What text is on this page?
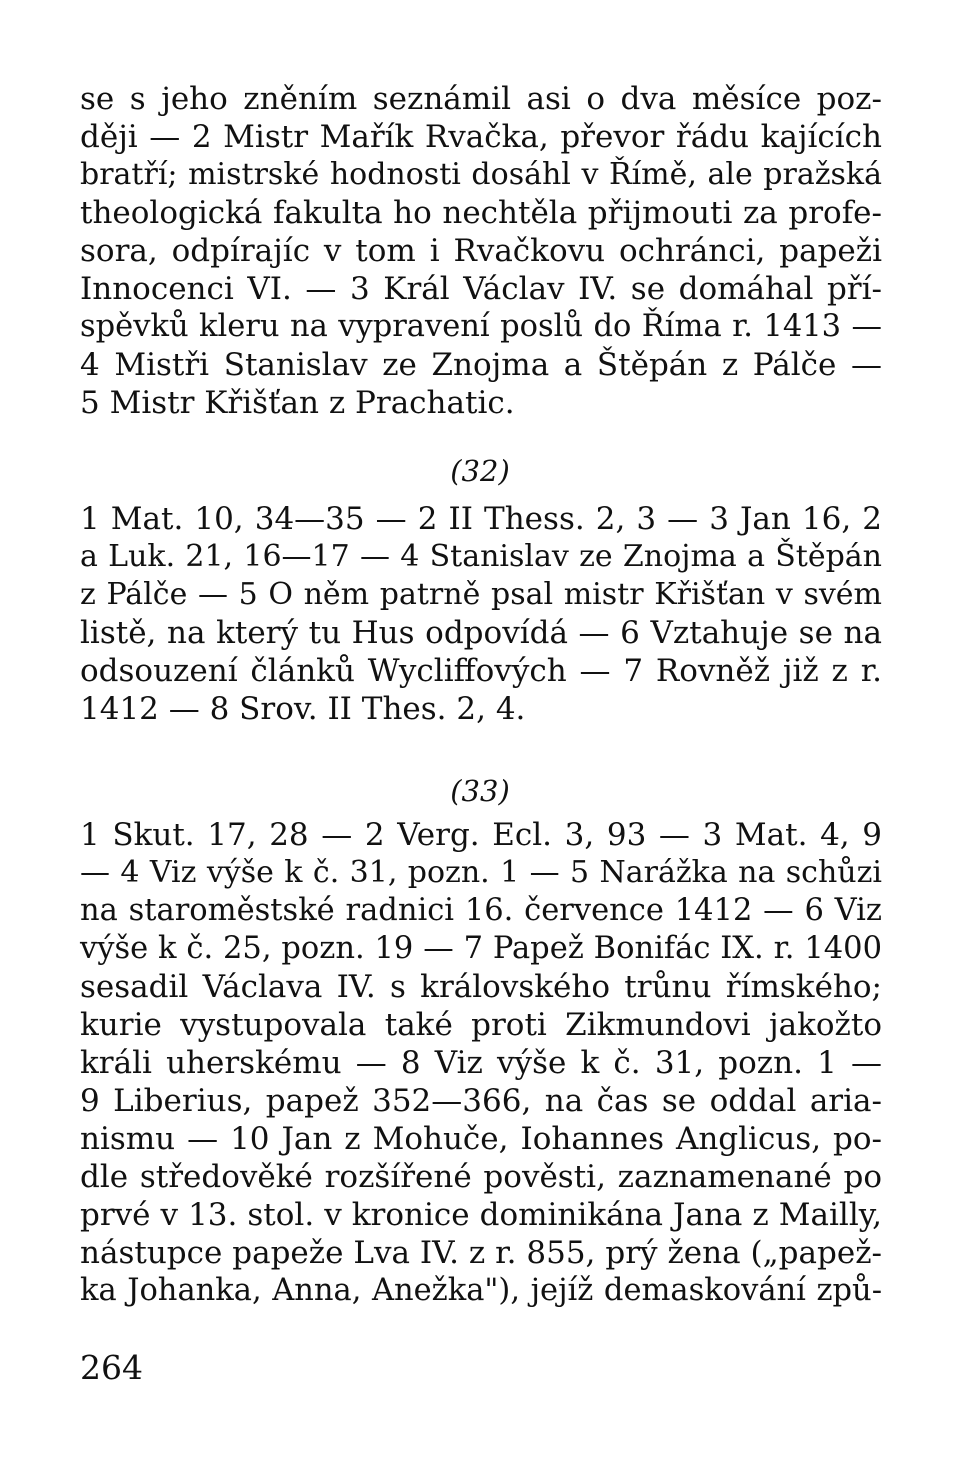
se s jeho zněním seznámil asi o dva měsíce poz-
ději — 2 Mistr Mařík Rvačka, převor řádu kajících
bratří; mistrské hodnosti dosáhl v Římě, ale pražská
theologická fakulta ho nechtěla přijmouti za profe-
sora, odpírajíc v tom i Rvačkovu ochránci, papeži
Innocenci VI. — 3 Král Václav IV. se domáhal pří-
spěvků kleru na vypravení poslů do Říma r. 1413 —
4 Mistři Stanislav ze Znojma a Štěpán z Pálče —
5 Mistr Křišťan z Prachatic.
(32)
1 Mat. 10, 34—35 — 2 II Thess. 2, 3 — 3 Jan 16, 2
a Luk. 21, 16—17 — 4 Stanislav ze Znojma a Štěpán
z Pálče — 5 O něm patrně psal mistr Křišťan v svém
listě, na který tu Hus odpovídá — 6 Vztahuje se na
odsouzení článků Wycliffových — 7 Rovněž již z r.
1412 — 8 Srov. II Thes. 2, 4.
(33)
1 Skut. 17, 28 — 2 Verg. Ecl. 3, 93 — 3 Mat. 4, 9
— 4 Viz výše k č. 31, pozn. 1 — 5 Narážka na schůzi
na staroměstské radnici 16. července 1412 — 6 Viz
výše k č. 25, pozn. 19 — 7 Papež Bonifác IX. r. 1400
sesadil Václava IV. s královského trůnu římského;
kurie vystupovala také proti Zikmundovi jakožto
králi uherskému — 8 Viz výše k č. 31, pozn. 1 —
9 Liberius, papež 352—366, na čas se oddal aria-
nismu — 10 Jan z Mohuče, Iohannes Anglicus, po-
dle středověké rozšířené pověsti, zaznamenané po
prvé v 13. stol. v kronice dominikána Jana z Mailly,
nástupce papeže Lva IV. z r. 855, prý žena („papež-
ka Johanka, Anna, Anežka"), jejíž demaskování způ-
264
